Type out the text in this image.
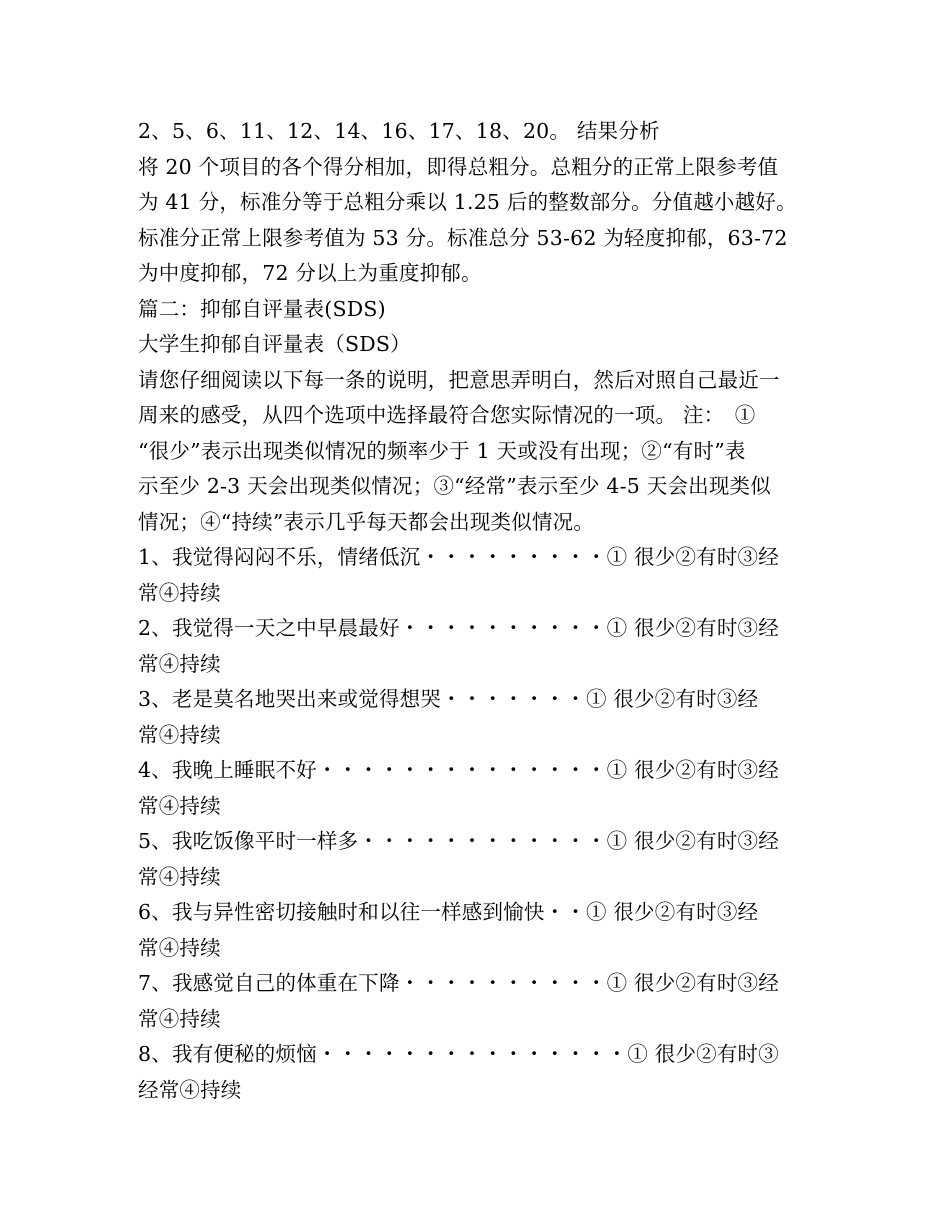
2、5、6、11、12、14、16、17、18、20。 结果分析
将 20 个项目的各个得分相加，即得总粗分。总粗分的正常上限参考值
为 41 分，标准分等于总粗分乘以 1.25 后的整数部分。分值越小越好。
标准分正常上限参考值为 53 分。标准总分 53-62 为轻度抑郁，63-72
为中度抑郁，72 分以上为重度抑郁。
篇二：抑郁自评量表(SDS)
大学生抑郁自评量表（SDS）
请您仔细阅读以下每一条的说明，把意思弄明白，然后对照自己最近一
周来的感受，从四个选项中选择最符合您实际情况的一项。 注：　①
“很少”表示出现类似情况的频率少于 1 天或没有出现；②“有时”表
示至少 2-3 天会出现类似情况；③“经常”表示至少 4-5 天会出现类似
情况；④“持续”表示几乎每天都会出现类似情况。
1、我觉得闷闷不乐，情绪低沉・・・・・・・・・① 很少②有时③经
常④持续
2、我觉得一天之中早晨最好・・・・・・・・・・① 很少②有时③经
常④持续
3、老是莫名地哭出来或觉得想哭・・・・・・・① 很少②有时③经
常④持续
4、我晚上睡眠不好・・・・・・・・・・・・・・① 很少②有时③经
常④持续
5、我吃饭像平时一样多・・・・・・・・・・・・① 很少②有时③经
常④持续
6、我与异性密切接触时和以往一样感到愉快・・① 很少②有时③经
常④持续
7、我感觉自己的体重在下降・・・・・・・・・・① 很少②有时③经
常④持续
8、我有便秘的烦恼・・・・・・・・・・・・・・・① 很少②有时③
经常④持续
